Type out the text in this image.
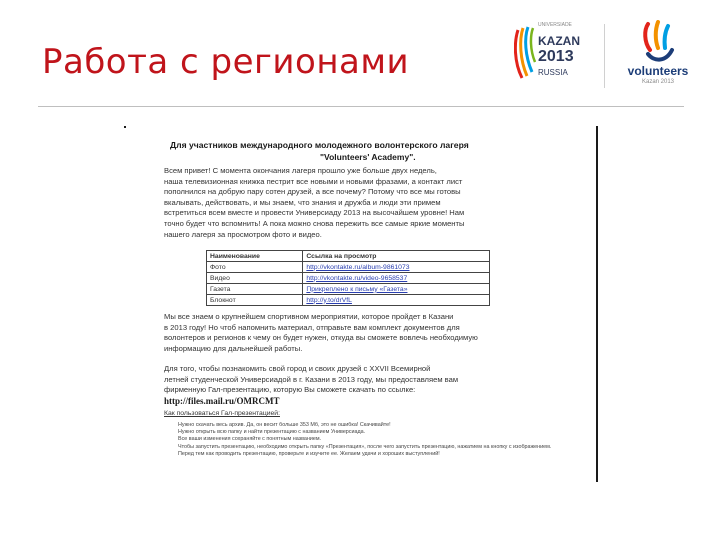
Работа с регионами
UNIVERSIADE
KAZAN
2013
RUSSIA	volunteers
Kazan 2013
Для участников международного молодежного волонтерского лагеря
"Volunteers' Academy".
Всем привет! С момента окончания лагеря прошло уже больше двух недель,
наша телевизионная книжка пестрит все новыми и новыми фразами, а контакт лист
пополнился на добрую пару сотен друзей, а все почему? Потому что все мы готовы
вкалывать, действовать, и мы знаем, что знания и дружба и люди эти примем
встретиться всем вместе и провести Универсиаду 2013 на высочайшем уровне! Нам
точно будет что вспомнить! А пока можно снова пережить все самые яркие моменты
нашего лагеря за просмотром фото и видео.
Наименование	Ссылка на просмотр
Фото	http://vkontakte.ru/album-9861073
Видео	http://vkontakte.ru/video-9658537
Газета	Прикреплено к письму «Газета»
Блокнот	http://y.to/drVfL
Мы все знаем о крупнейшем спортивном мероприятии, которое пройдет в Казани
в 2013 году! Но чтоб напомнить материал, отправьте вам комплект документов для
волонтеров и регионов к чему он будет нужен, откуда вы сможете вовлечь необходимую
информацию для дальнейшей работы.
Для того, чтобы познакомить свой город и своих друзей с XXVII Всемирной
летней студенческой Универсиадой в г. Казани в 2013 году, мы предоставляем вам
фирменную Гал-презентацию, которую Вы сможете скачать по ссылке:
http://files.mail.ru/OMRCMT
Как пользоваться Гал-презентацией:
1. Нужно скачать весь архив. Да, он весит больше 353 Мб, это не ошибка! Скачивайте!
2. Нужно открыть всю папку и найти презентацию с названием Универсиада.
3. Все ваши изменения сохраняйте с понятным названием.
4. Чтобы запустить презентацию, необходимо открыть папку «Презентация», после чего запустить презентацию, нажатием на кнопку с изображением.
5. Перед тем как проводить презентацию, проверьте и изучите ее. Желаем удачи и хороших выступлений!
